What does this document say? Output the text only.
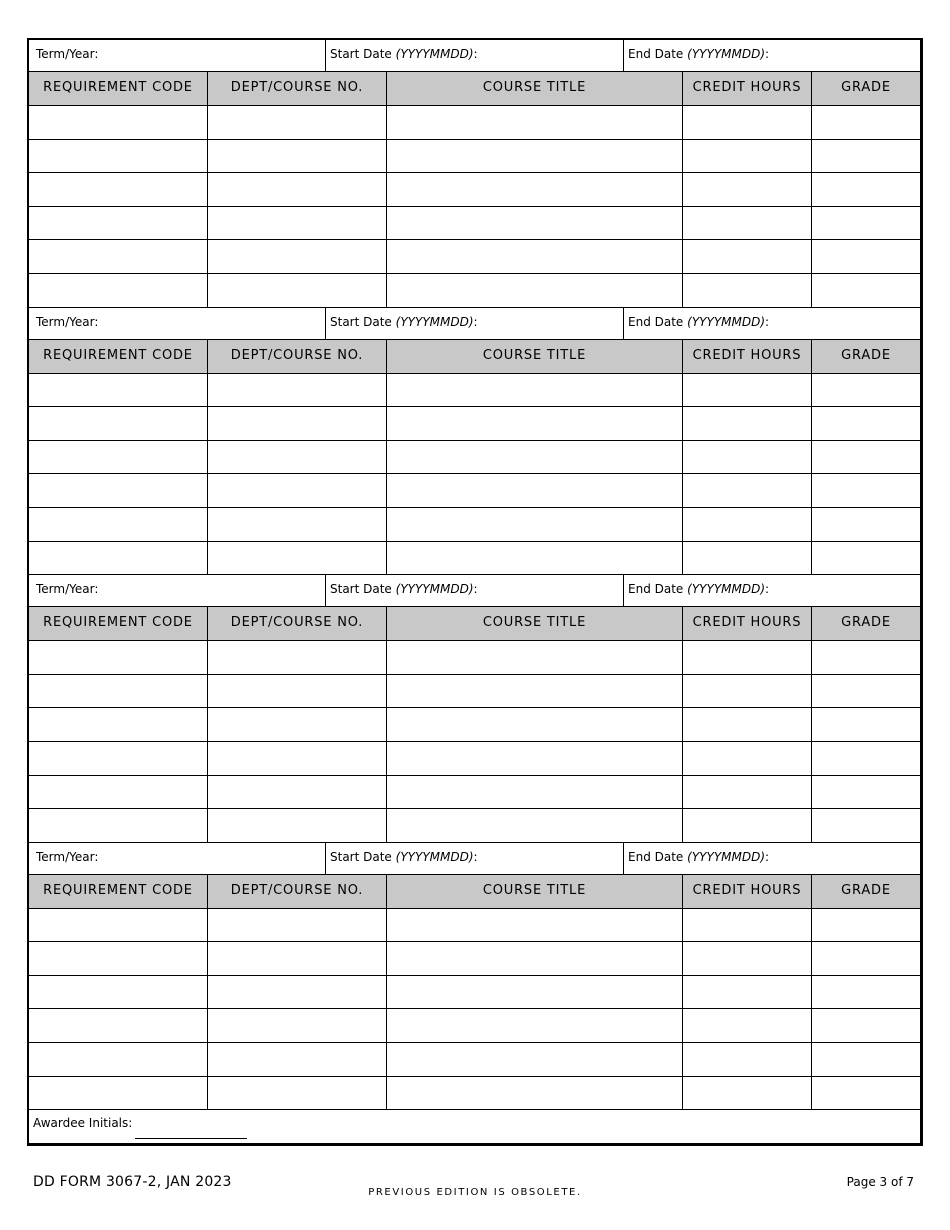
Term/Year:	Start Date (YYYYMMDD):	End Date (YYYYMMDD):
REQUIREMENT CODE	DEPT/COURSE NO.	COURSE TITLE	CREDIT HOURS	GRADE
Term/Year:	Start Date (YYYYMMDD):	End Date (YYYYMMDD):
REQUIREMENT CODE	DEPT/COURSE NO.	COURSE TITLE	CREDIT HOURS	GRADE
Term/Year:	Start Date (YYYYMMDD):	End Date (YYYYMMDD):
REQUIREMENT CODE	DEPT/COURSE NO.	COURSE TITLE	CREDIT HOURS	GRADE
Term/Year:	Start Date (YYYYMMDD):	End Date (YYYYMMDD):
REQUIREMENT CODE	DEPT/COURSE NO.	COURSE TITLE	CREDIT HOURS	GRADE
Awardee Initials:
DD FORM 3067-2, JAN 2023
PREVIOUS EDITION IS OBSOLETE.
Page 3 of 7
